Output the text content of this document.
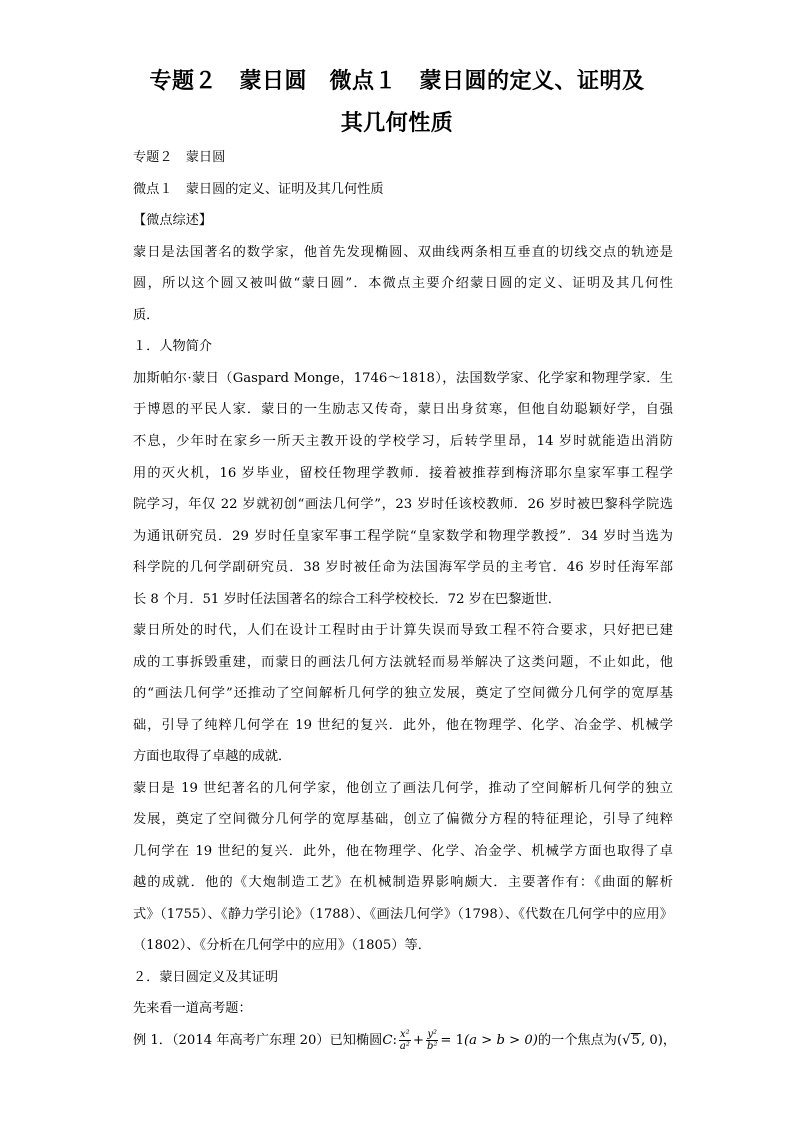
专题２　蒙日圆　微点１　蒙日圆的定义、证明及
其几何性质
专题２　蒙日圆
微点１　蒙日圆的定义、证明及其几何性质
【微点综述】
蒙日是法国著名的数学家，他首先发现椭圆、双曲线两条相互垂直的切线交点的轨迹是
圆，所以这个圆又被叫做“蒙日圆”．本微点主要介绍蒙日圆的定义、证明及其几何性
质．
１．人物简介
加斯帕尔·蒙日（Gaspard Monge，1746～1818），法国数学家、化学家和物理学家．生
于博恩的平民人家．蒙日的一生励志又传奇，蒙日出身贫寒，但他自幼聪颖好学，自强
不息，少年时在家乡一所天主教开设的学校学习，后转学里昂，14 岁时就能造出消防
用的灭火机，16 岁毕业，留校任物理学教师．接着被推荐到梅济耶尔皇家军事工程学
院学习，年仅 22 岁就初创“画法几何学”，23 岁时任该校教师．26 岁时被巴黎科学院选
为通讯研究员．29 岁时任皇家军事工程学院“皇家数学和物理学教授”．34 岁时当选为
科学院的几何学副研究员．38 岁时被任命为法国海军学员的主考官．46 岁时任海军部
长 8 个月．51 岁时任法国著名的综合工科学校校长．72 岁在巴黎逝世．
蒙日所处的时代，人们在设计工程时由于计算失误而导致工程不符合要求，只好把已建
成的工事拆毁重建，而蒙日的画法几何方法就轻而易举解决了这类问题，不止如此，他
的“画法几何学”还推动了空间解析几何学的独立发展，奠定了空间微分几何学的宽厚基
础，引导了纯粹几何学在 19 世纪的复兴．此外，他在物理学、化学、冶金学、机械学
方面也取得了卓越的成就．
蒙日是 19 世纪著名的几何学家，他创立了画法几何学，推动了空间解析几何学的独立
发展，奠定了空间微分几何学的宽厚基础，创立了偏微分方程的特征理论，引导了纯粹
几何学在 19 世纪的复兴．此外，他在物理学、化学、冶金学、机械学方面也取得了卓
越的成就．他的《大炮制造工艺》在机械制造界影响颇大．主要著作有：《曲面的解析
式》（1755）、《静力学引论》（1788）、《画法几何学》（1798）、《代数在几何学中的应用》
（1802）、《分析在几何学中的应用》（1805）等．
２．蒙日圆定义及其证明
先来看一道高考题：
例 1．（2014 年高考广东理 20）已知椭圆C: $\frac{\text{x²}}{\text{a²}} + \frac{\text{y²}}{\text{b²}} = 1(a > b > 0)$的一个焦点为(√5, 0)，
